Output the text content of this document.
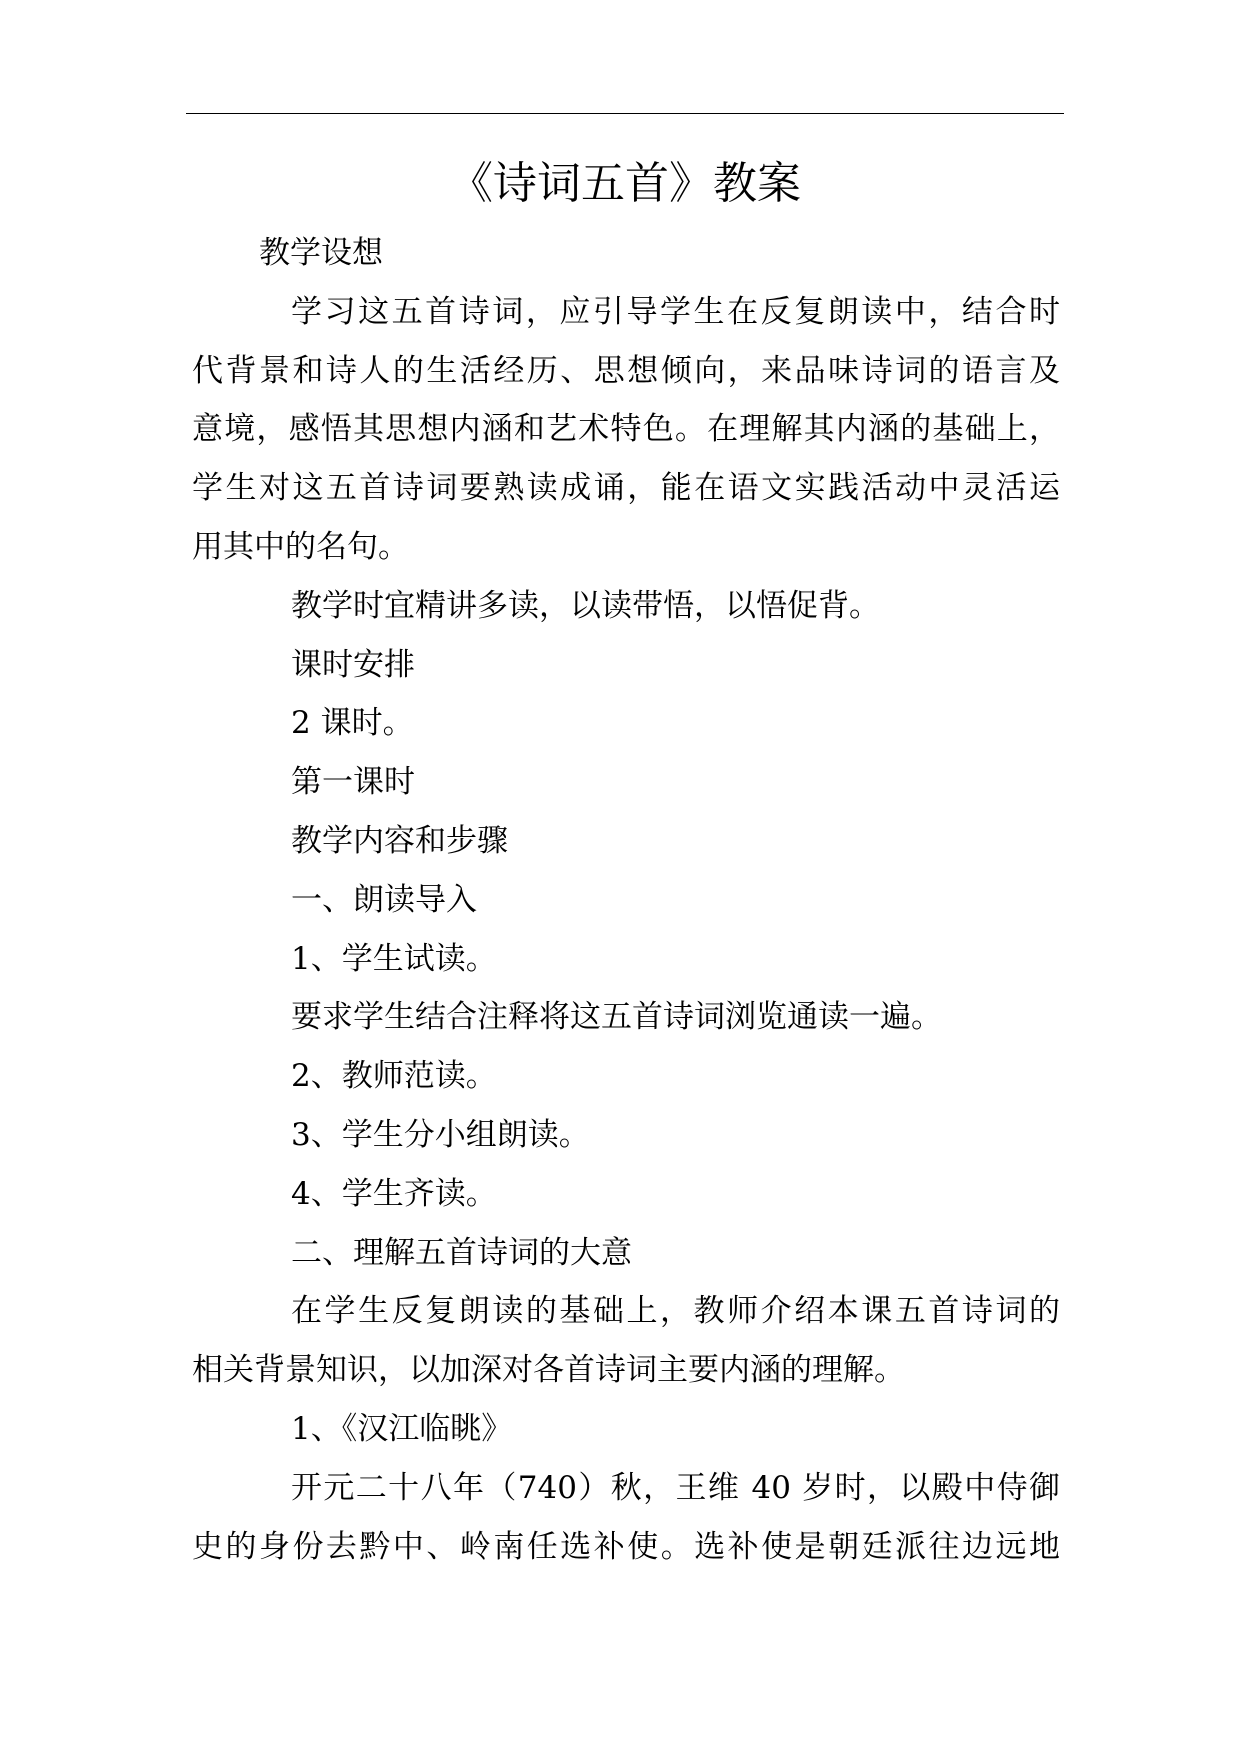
《诗词五首》教案
教学设想
学习这五首诗词，应引导学生在反复朗读中，结合时
代背景和诗人的生活经历、思想倾向，来品味诗词的语言及
意境，感悟其思想内涵和艺术特色。在理解其内涵的基础上，
学生对这五首诗词要熟读成诵，能在语文实践活动中灵活运
用其中的名句。
教学时宜精讲多读，以读带悟，以悟促背。
课时安排
2 课时。
第一课时
教学内容和步骤
一、朗读导入
1、学生试读。
要求学生结合注释将这五首诗词浏览通读一遍。
2、教师范读。
3、学生分小组朗读。
4、学生齐读。
二、理解五首诗词的大意
在学生反复朗读的基础上，教师介绍本课五首诗词的
相关背景知识，以加深对各首诗词主要内涵的理解。
1、《汉江临眺》
开元二十八年（740）秋，王维 40 岁时，以殿中侍御
史的身份去黔中、岭南任选补使。选补使是朝廷派往边远地
